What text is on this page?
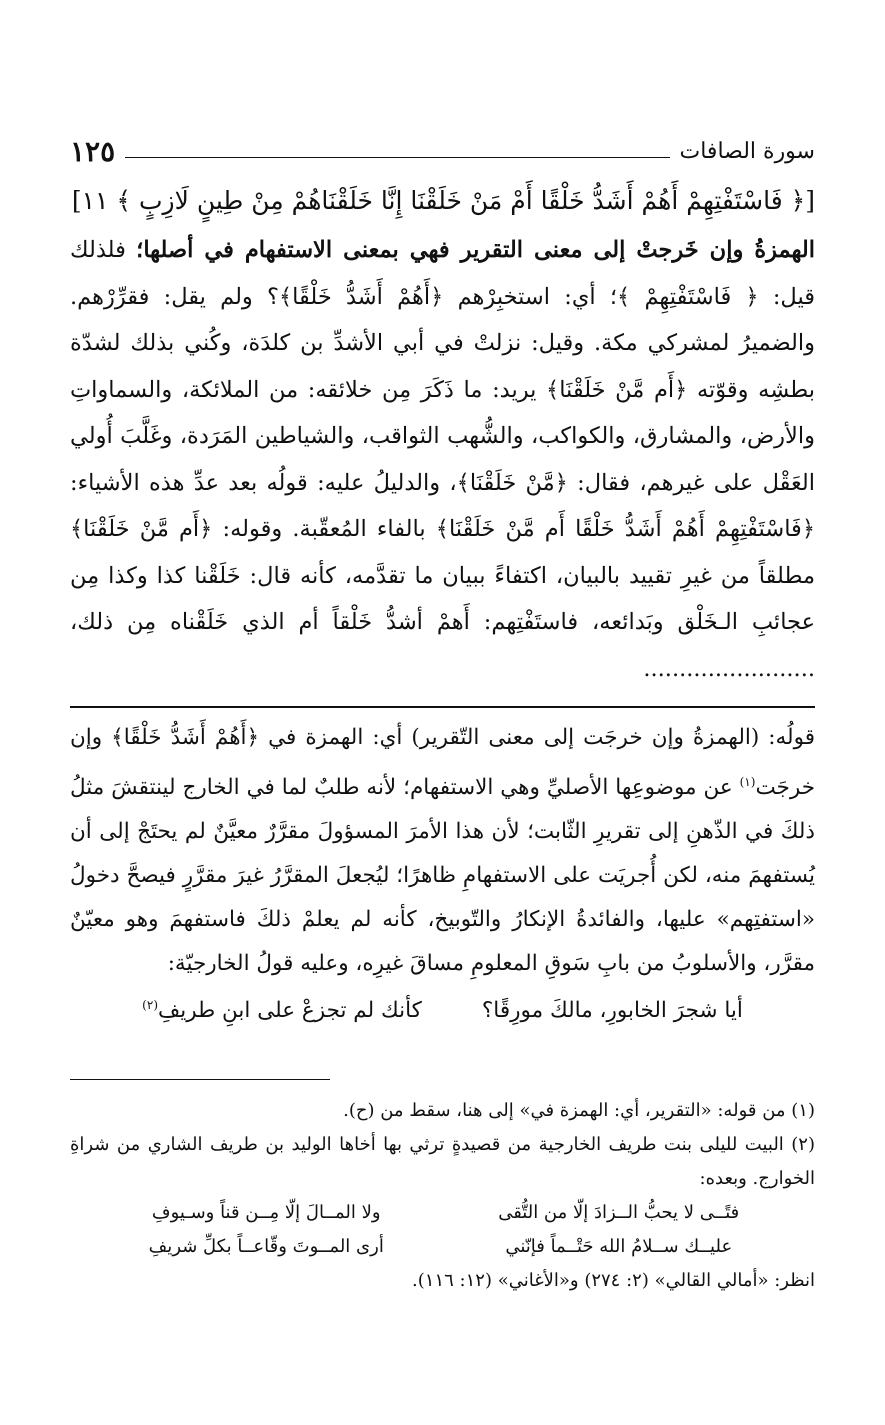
سورة الصافات
١٢٥
[﴿ فَاسْتَفْتِهِمْ أَهُمْ أَشَدُّ خَلْقًا أَمْ مَنْ خَلَقْنَا إِنَّا خَلَقْنَاهُمْ مِنْ طِينٍ لَازِبٍ ﴾ ١١]
الهمزةُ وإن خَرجتْ إلى معنى التقرير فهي بمعنى الاستفهام في أصلها؛ فلذلك قيل: ﴿ فَاسْتَفْتِهِمْ ﴾؛ أي: استخبِرْهم ﴿أَهُمْ أَشَدُّ خَلْقًا﴾؟ ولم يقل: فقرِّرْهم. والضميرُ لمشركي مكة. وقيل: نزلتْ في أبي الأشدِّ بن كلدَة، وكُني بذلك لشدّة بطشِه وقوّته ﴿أَم مَّنْ خَلَقْنَا﴾ يريد: ما ذَكَرَ مِن خلائقه: من الملائكة، والسماواتِ والأرض، والمشارق، والكواكب، والشُّهب الثواقب، والشياطين المَرَدة، وغَلَّبَ أُولي العَقْل على غيرهم، فقال: ﴿مَّنْ خَلَقْنَا﴾، والدليلُ عليه: قولُه بعد عدِّ هذه الأشياء: ﴿فَاسْتَفْتِهِمْ أَهُمْ أَشَدُّ خَلْقًا أَم مَّنْ خَلَقْنَا﴾ بالفاء المُعقّبة. وقوله: ﴿أَم مَّنْ خَلَقْنَا﴾ مطلقاً من غيرِ تقييد بالبيان، اكتفاءً ببيان ما تقدَّمه، كأنه قال: خَلَقْنا كذا وكذا مِن عجائبِ الـخَلْق وبَدائعه، فاستَفْتِهم: أَهمْ أشدُّ خَلْقاً أم الذي خَلَقْناه مِن ذلك، ........................
قولُه: (الهمزةُ وإن خرجَت إلى معنى التّقرير) أي: الهمزة في ﴿أَهُمْ أَشَدُّ خَلْقًا﴾ وإن خرجَت$^{(١)}$ عن موضوعِها الأصليِّ وهي الاستفهام؛ لأنه طلبٌ لما في الخارج لينتقشَ مثلُ ذلكَ في الذّهنِ إلى تقريرِ الثّابت؛ لأن هذا الأمرَ المسؤولَ مقرَّرٌ معيَّنٌ لم يحتَجْ إلى أن يُستفهمَ منه، لكن أُجريَت على الاستفهامِ ظاهرًا؛ ليُجعلَ المقرَّرُ غيرَ مقرَّرٍ فيصحَّ دخولُ «استفتِهم» عليها، والفائدةُ الإنكارُ والتّوبيخ، كأنه لم يعلمْ ذلكَ فاستفهمَ وهو معيّنٌ مقرَّر، والأسلوبُ من بابِ سَوقِ المعلومِ مساقَ غيرِه، وعليه قولُ الخارجيّة:
أيا شجرَ الخابورِ، مالكَ مورِقًا؟
كأنك لم تجزعْ على ابنِ طريفِ$^{(٢)}$
(١) من قوله: «التقرير، أي: الهمزة في» إلى هنا، سقط من (ح).
(٢) البيت لليلى بنت طريف الخارجية من قصيدةٍ ترثي بها أخاها الوليد بن طريف الشاري من شراةِ الخوارج. وبعده:
فتًــى لا يحبُّ الــزادَ إلّا من التُّقى
ولا المــالَ إلّا مِــن قناً وسـيوفِ
عليــك ســلامُ الله حَتْــماً فإنّني
أرى المــوتَ وقّاعــاً بكلِّ شريفِ
انظر: «أمالي القالي» (٢: ٢٧٤) و«الأغاني» (١٢: ١١٦).
